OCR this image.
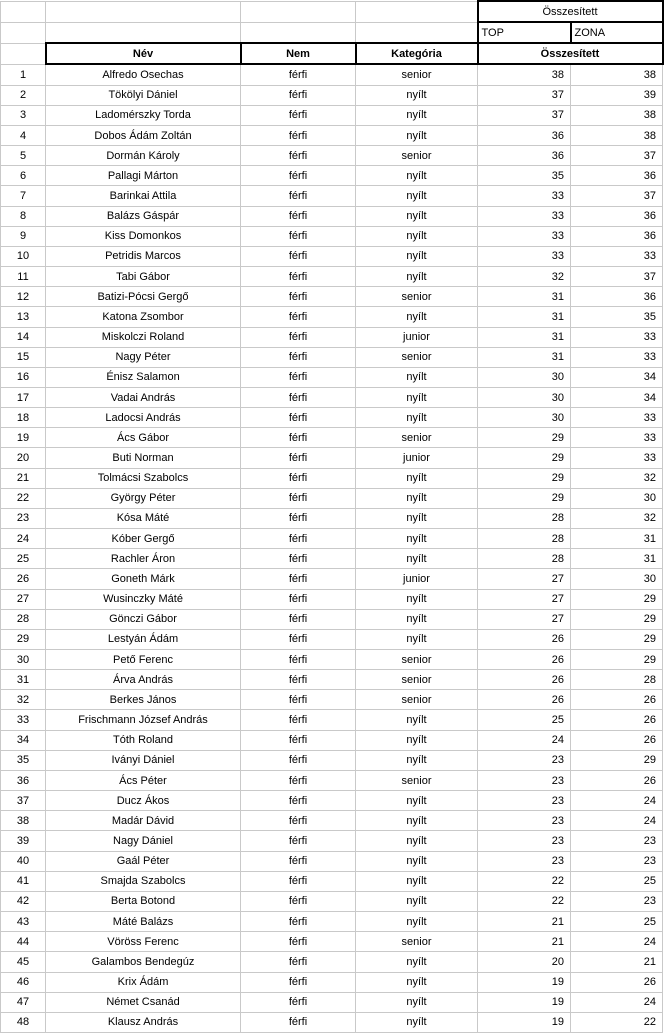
				Összesített	
				TOP	ZONA
	Név	Nem	Kategória	Összesített	
1	Alfredo Osechas	férfi	senior	38	38
2	Tökölyi Dániel	férfi	nyílt	37	39
3	Ladomérszky Torda	férfi	nyílt	37	38
4	Dobos Ádám Zoltán	férfi	nyílt	36	38
5	Dormán Károly	férfi	senior	36	37
6	Pallagi Márton	férfi	nyílt	35	36
7	Barinkai Attila	férfi	nyílt	33	37
8	Balázs Gáspár	férfi	nyílt	33	36
9	Kiss Domonkos	férfi	nyílt	33	36
10	Petridis Marcos	férfi	nyílt	33	33
11	Tabi Gábor	férfi	nyílt	32	37
12	Batizi-Pócsi Gergő	férfi	senior	31	36
13	Katona Zsombor	férfi	nyílt	31	35
14	Miskolczi Roland	férfi	junior	31	33
15	Nagy Péter	férfi	senior	31	33
16	Énisz Salamon	férfi	nyílt	30	34
17	Vadai András	férfi	nyílt	30	34
18	Ladocsi András	férfi	nyílt	30	33
19	Ács Gábor	férfi	senior	29	33
20	Buti Norman	férfi	junior	29	33
21	Tolmácsi Szabolcs	férfi	nyílt	29	32
22	György Péter	férfi	nyílt	29	30
23	Kósa Máté	férfi	nyílt	28	32
24	Kóber Gergő	férfi	nyílt	28	31
25	Rachler Áron	férfi	nyílt	28	31
26	Goneth Márk	férfi	junior	27	30
27	Wusinczky Máté	férfi	nyílt	27	29
28	Gönczi Gábor	férfi	nyílt	27	29
29	Lestyán Ádám	férfi	nyílt	26	29
30	Pető Ferenc	férfi	senior	26	29
31	Árva András	férfi	senior	26	28
32	Berkes János	férfi	senior	26	26
33	Frischmann József András	férfi	nyílt	25	26
34	Tóth Roland	férfi	nyílt	24	26
35	Iványi Dániel	férfi	nyílt	23	29
36	Ács Péter	férfi	senior	23	26
37	Ducz Ákos	férfi	nyílt	23	24
38	Madár Dávid	férfi	nyílt	23	24
39	Nagy Dániel	férfi	nyílt	23	23
40	Gaál Péter	férfi	nyílt	23	23
41	Smajda Szabolcs	férfi	nyílt	22	25
42	Berta Botond	férfi	nyílt	22	23
43	Máté Balázs	férfi	nyílt	21	25
44	Vöröss Ferenc	férfi	senior	21	24
45	Galambos Bendegúz	férfi	nyílt	20	21
46	Krix Ádám	férfi	nyílt	19	26
47	Német Csanád	férfi	nyílt	19	24
48	Klausz András	férfi	nyílt	19	22
